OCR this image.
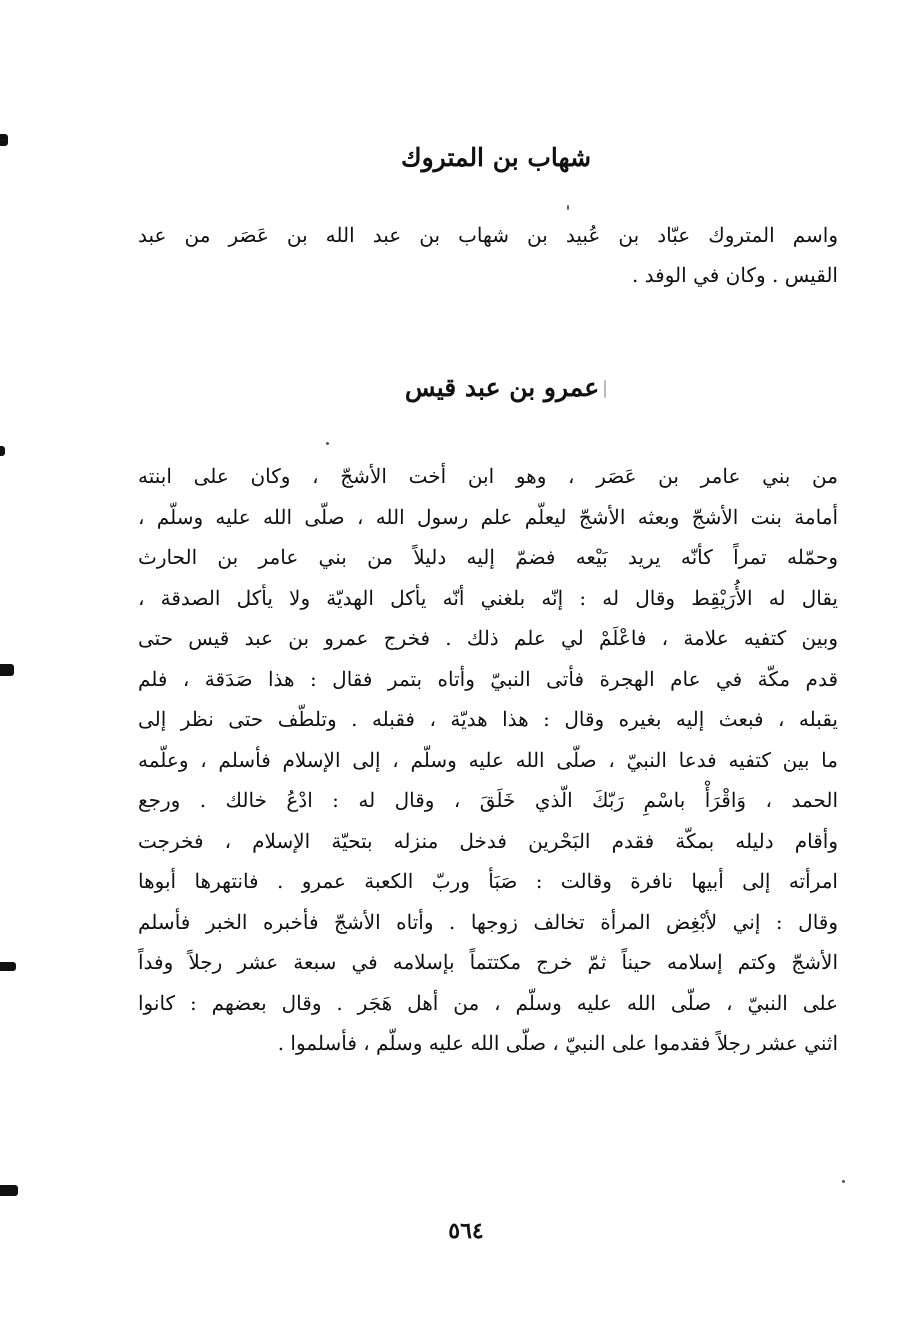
شهاب بن المتروك
واسم المتروك عبّاد بن عُبيد بن شهاب بن عبد الله بن عَصَر من عبد
القيس . وكان في الوفد .
عمرو بن عبد قيس
من بني عامر بن عَصَر ، وهو ابن أخت الأشجّ ، وكان على ابنته
أمامة بنت الأشجّ وبعثه الأشجّ ليعلّم علم رسول الله ، صلّى الله عليه وسلّم ،
وحمّله تمراً كأنّه يريد بَيْعه فضمّ إليه دليلاً من بني عامر بن الحارث
يقال له الأُرَيْقِط وقال له : إنّه بلغني أنّه يأكل الهديّة ولا يأكل الصدقة ،
وبين كتفيه علامة ، فاعْلَمْ لي علم ذلك . فخرج عمرو بن عبد قيس حتى
قدم مكّة في عام الهجرة فأتى النبيّ وأتاه بتمر فقال : هذا صَدَقة ، فلم
يقبله ، فبعث إليه بغيره وقال : هذا هديّة ، فقبله . وتلطّف حتى نظر إلى
ما بين كتفيه فدعا النبيّ ، صلّى الله عليه وسلّم ، إلى الإسلام فأسلم ، وعلّمه
الحمد ، وَاقْرَأْ باسْمِ رَبّكَ الّذي خَلَقَ ، وقال له : ادْعُ خالك . ورجع
وأقام دليله بمكّة فقدم البَحْرين فدخل منزله بتحيّة الإسلام ، فخرجت
امرأته إلى أبيها نافرة وقالت : صَبَأ وربّ الكعبة عمرو . فانتهرها أبوها
وقال : إني لأبْغِض المرأة تخالف زوجها . وأتاه الأشجّ فأخبره الخبر فأسلم
الأشجّ وكتم إسلامه حيناً ثمّ خرج مكتتماً بإسلامه في سبعة عشر رجلاً وفداً
على النبيّ ، صلّى الله عليه وسلّم ، من أهل هَجَر . وقال بعضهم : كانوا
اثني عشر رجلاً فقدموا على النبيّ ، صلّى الله عليه وسلّم ، فأسلموا .
٥٦٤
